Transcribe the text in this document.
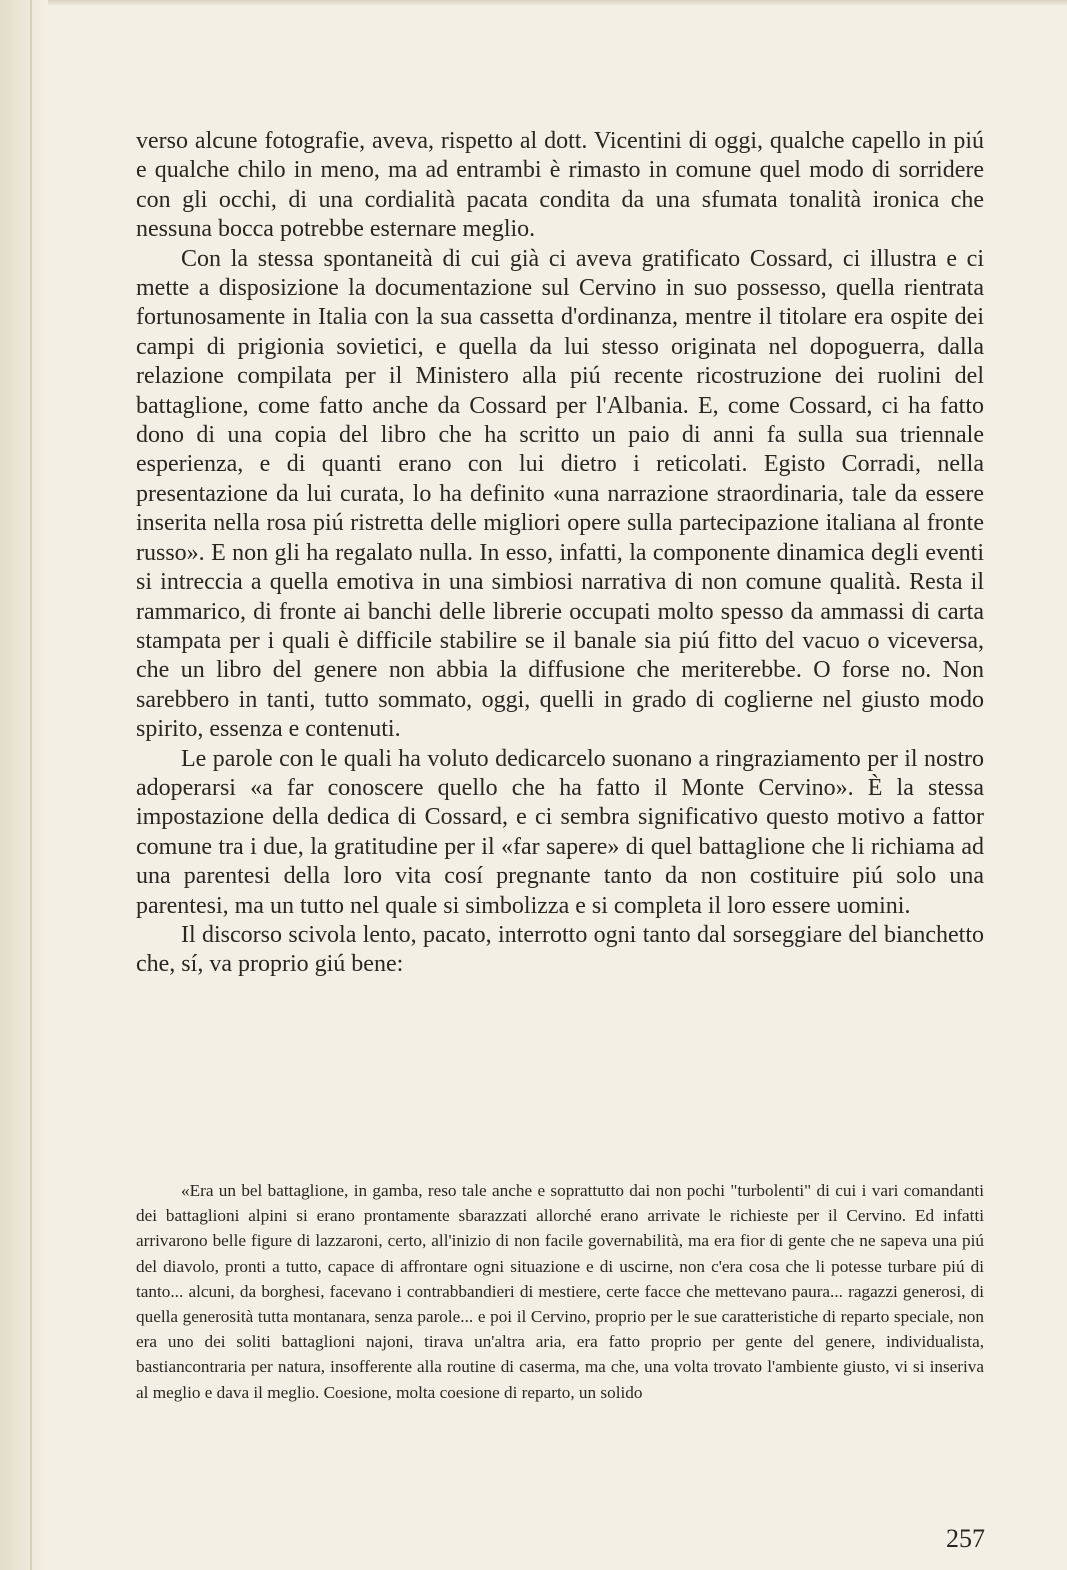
verso alcune fotografie, aveva, rispetto al dott. Vicentini di oggi, qualche capello in piú e qualche chilo in meno, ma ad entrambi è rimasto in comune quel modo di sorridere con gli occhi, di una cordialità pacata condita da una sfumata tonalità ironica che nessuna bocca potrebbe esternare meglio.

Con la stessa spontaneità di cui già ci aveva gratificato Cossard, ci illustra e ci mette a disposizione la documentazione sul Cervino in suo possesso, quella rientrata fortunosamente in Italia con la sua cassetta d'ordinanza, mentre il titolare era ospite dei campi di prigionia sovietici, e quella da lui stesso originata nel dopoguerra, dalla relazione compilata per il Ministero alla piú recente ricostruzione dei ruolini del battaglione, come fatto anche da Cossard per l'Albania. E, come Cossard, ci ha fatto dono di una copia del libro che ha scritto un paio di anni fa sulla sua triennale esperienza, e di quanti erano con lui dietro i reticolati. Egisto Corradi, nella presentazione da lui curata, lo ha definito «una narrazione straordinaria, tale da essere inserita nella rosa piú ristretta delle migliori opere sulla partecipazione italiana al fronte russo». E non gli ha regalato nulla. In esso, infatti, la componente dinamica degli eventi si intreccia a quella emotiva in una simbiosi narrativa di non comune qualità. Resta il rammarico, di fronte ai banchi delle librerie occupati molto spesso da ammassi di carta stampata per i quali è difficile stabilire se il banale sia piú fitto del vacuo o viceversa, che un libro del genere non abbia la diffusione che meriterebbe. O forse no. Non sarebbero in tanti, tutto sommato, oggi, quelli in grado di coglierne nel giusto modo spirito, essenza e contenuti.

Le parole con le quali ha voluto dedicarcelo suonano a ringraziamento per il nostro adoperarsi «a far conoscere quello che ha fatto il Monte Cervino». È la stessa impostazione della dedica di Cossard, e ci sembra significativo questo motivo a fattor comune tra i due, la gratitudine per il «far sapere» di quel battaglione che li richiama ad una parentesi della loro vita cosí pregnante tanto da non costituire piú solo una parentesi, ma un tutto nel quale si simbolizza e si completa il loro essere uomini.

Il discorso scivola lento, pacato, interrotto ogni tanto dal sorseggiare del bianchetto che, sí, va proprio giú bene:

«Era un bel battaglione, in gamba, reso tale anche e soprattutto dai non pochi "turbolenti" di cui i vari comandanti dei battaglioni alpini si erano prontamente sbarazzati allorché erano arrivate le richieste per il Cervino. Ed infatti arrivarono belle figure di lazzaroni, certo, all'inizio di non facile governabilità, ma era fior di gente che ne sapeva una piú del diavolo, pronti a tutto, capace di affrontare ogni situazione e di uscirne, non c'era cosa che li potesse turbare piú di tanto... alcuni, da borghesi, facevano i contrabbandieri di mestiere, certe facce che mettevano paura... ragazzi generosi, di quella generosità tutta montanara, senza parole... e poi il Cervino, proprio per le sue caratteristiche di reparto speciale, non era uno dei soliti battaglioni najoni, tirava un'altra aria, era fatto proprio per gente del genere, individualista, bastiancontraria per natura, insofferente alla routine di caserma, ma che, una volta trovato l'ambiente giusto, vi si inseriva al meglio e dava il meglio. Coesione, molta coesione di reparto, un solido

257
